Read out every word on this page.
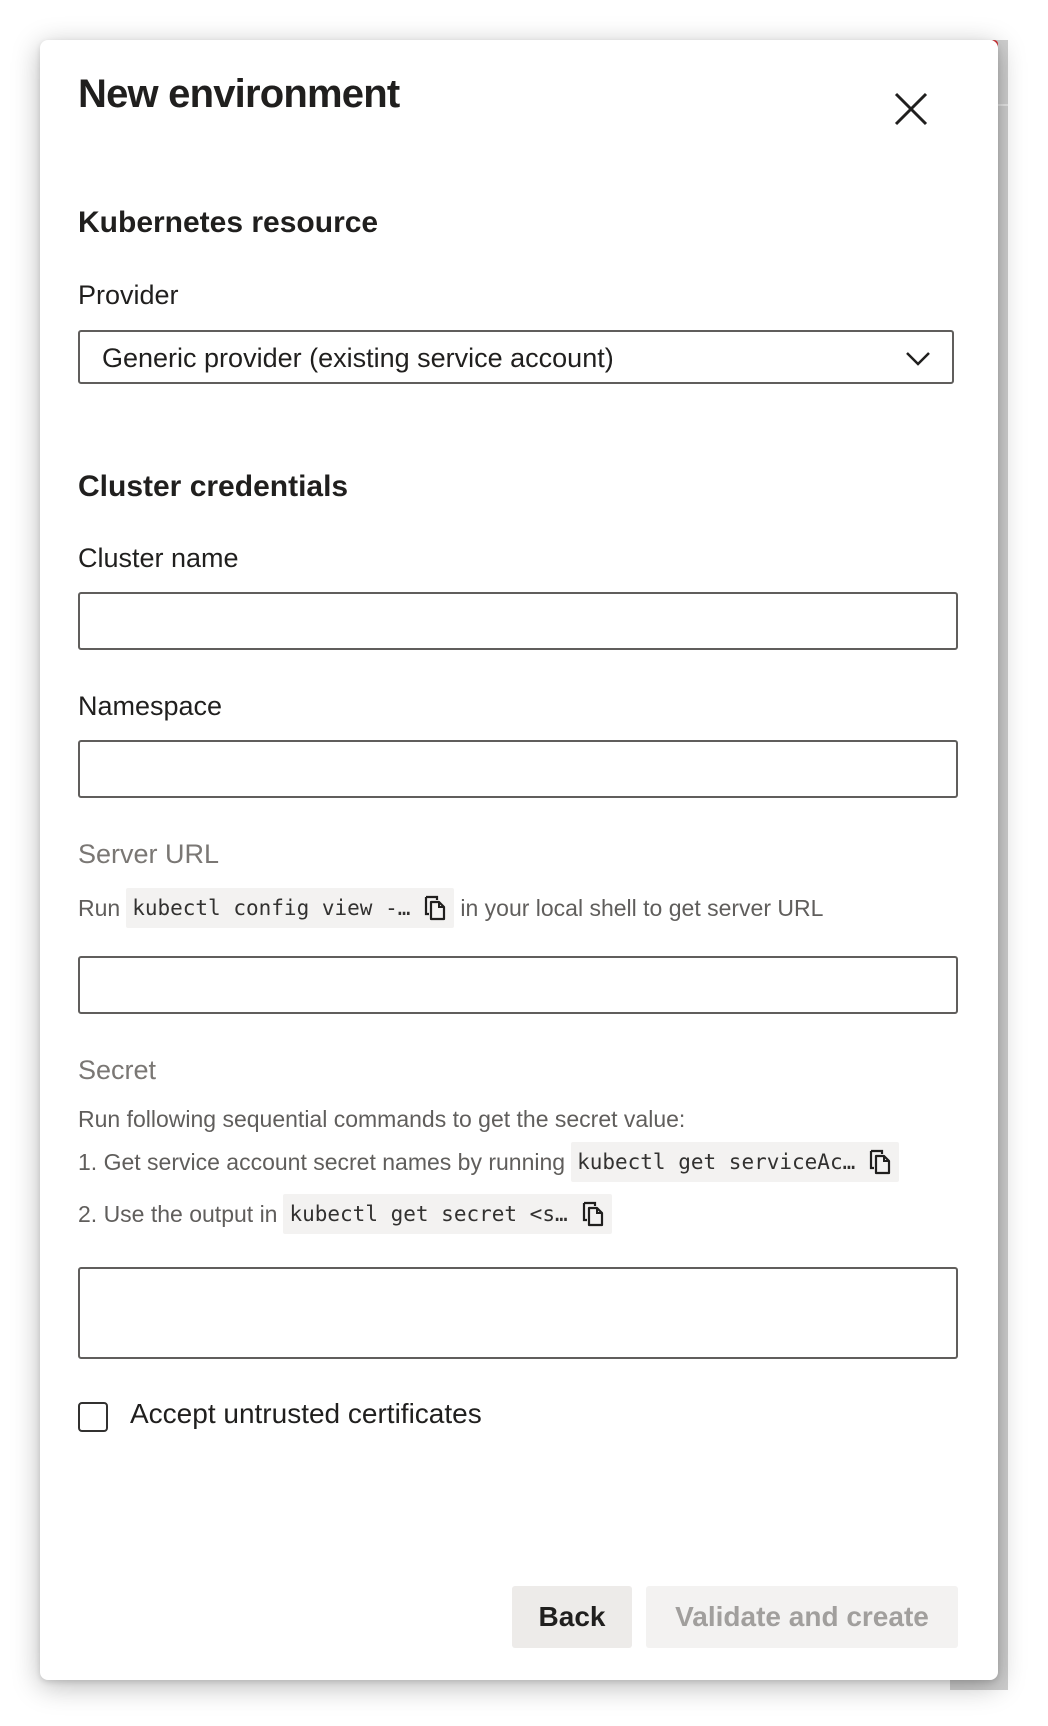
New environment
Kubernetes resource
Provider
Generic provider (existing service account)
Cluster credentials
Cluster name
Namespace
Server URL
Run kubectl config view -… in your local shell to get server URL
Secret
Run following sequential commands to get the secret value:
1. Get service account secret names by running kubectl get serviceAc…
2. Use the output in kubectl get secret <s…
Accept untrusted certificates
Back	Validate and create
